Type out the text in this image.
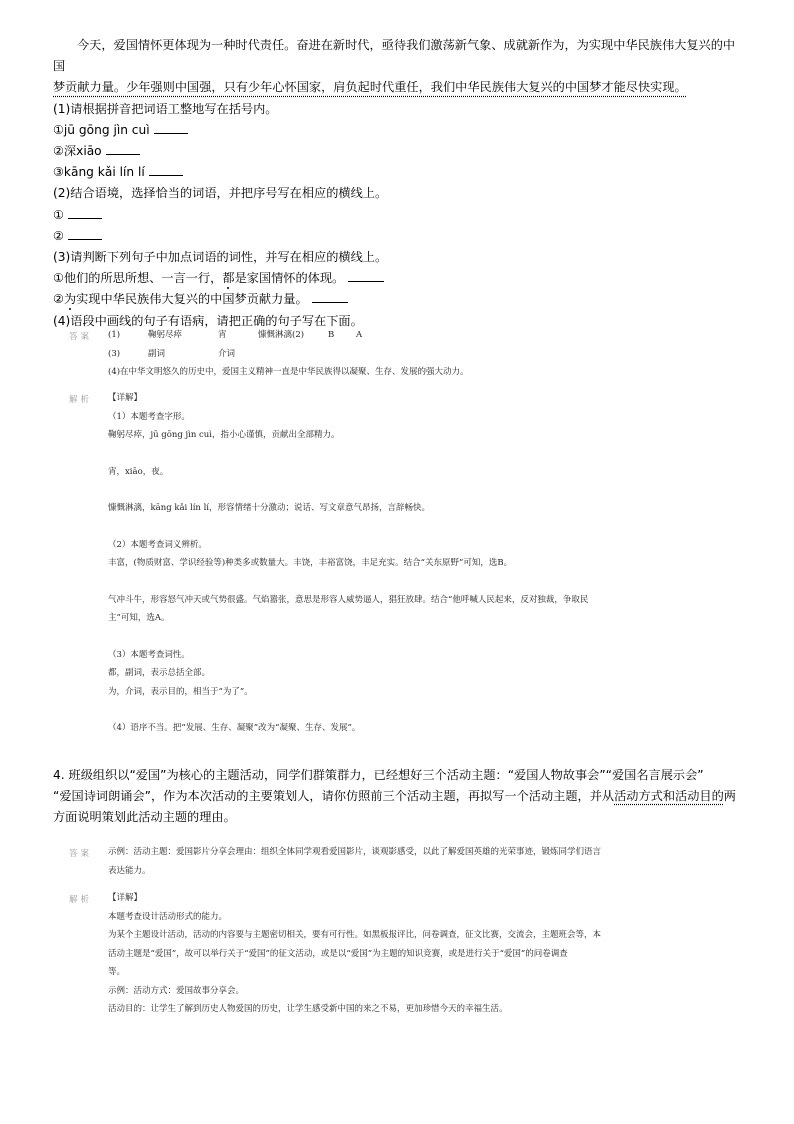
今天，爱国情怀更体现为一种时代责任。奋进在新时代，亟待我们激荡新气象、成就新作为，为实现中华民族伟大复兴的中国

梦贡献力量。少年强则中国强，只有少年心怀国家，肩负起时代重任，我们中华民族伟大复兴的中国梦才能尽快实现。

(1)请根据拼音把词语工整地写在括号内。

①jū gōng jìn cuì

②深xiāo

③kāng kǎi lín lí

(2)结合语境，选择恰当的词语，并把序号写在相应的横线上。

①

②

(3)请判断下列句子中加点词语的词性，并写在相应的横线上。

①他们的所思所想、一言一行，都是家国情怀的体现。

②为实现中华民族伟大复兴的中国梦贡献力量。

(4)语段中画线的句子有语病，请把正确的句子写在下面。

答案 (1)	鞠躬尽瘁	宵	慷慨淋漓(2)	B	A

(3)	副词	介词

(4)在中华文明悠久的历史中，爱国主义精神一直是中华民族得以凝聚、生存、发展的强大动力。

解析 【详解】

（1）本题考查字形。

鞠躬尽瘁，jū gōng jìn cuì，指小心谨慎，贡献出全部精力。

宵，xiāo，夜。

慷慨淋漓，kāng kǎi lín lí，形容情绪十分激动；说话、写文章意气昂扬，言辞畅快。

（2）本题考查词义辨析。

丰富，(物质财富、学识经验等)种类多或数量大。丰饶，丰裕富饶，丰足充实。结合“关东原野”可知，选B。

气冲斗牛，形容怒气冲天或气势很盛。气焰嚣张，意思是形容人威势逼人，猖狂放肆。结合“他呼喊人民起来，反对独裁，争取民

主”可知，选A。

（3）本题考查词性。

都，副词，表示总括全部。

为，介词，表示目的，相当于“为了”。

（4）语序不当。把“发展、生存、凝聚”改为“凝聚、生存、发展”。

4. 班级组织以“爱国”为核心的主题活动，同学们群策群力，已经想好三个活动主题：“爱国人物故事会”“爱国名言展示会”

“爱国诗词朗诵会”，作为本次活动的主要策划人，请你仿照前三个活动主题，再拟写一个活动主题，并从活动方式和活动目的两

方面说明策划此活动主题的理由。

答案 示例：活动主题：爱国影片分享会理由：组织全体同学观看爱国影片，谈观影感受，以此了解爱国英雄的光荣事迹，锻炼同学们语言

表达能力。

解析 【详解】

本题考查设计活动形式的能力。

为某个主题设计活动，活动的内容要与主题密切相关，要有可行性。如黑板报评比，问卷调查，征文比赛，交流会，主题班会等，本

活动主题是“爱国”，故可以举行关于“爱国”的征文活动，或是以“爱国”为主题的知识竞赛，或是进行关于“爱国”的问卷调查

等。

示例：活动方式：爱国故事分享会。

活动目的：让学生了解到历史人物爱国的历史，让学生感受新中国的来之不易，更加珍惜今天的幸福生活。
